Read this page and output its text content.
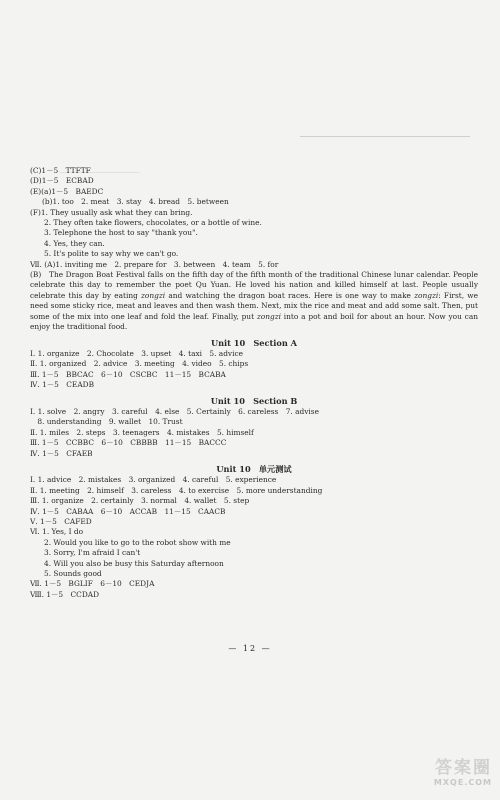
(C)1－5　TTFTF
(D)1－5　ECBAD
(E)(a)1－5　BAEDC
(b)1. too　2. meat　3. stay　4. bread　5. between
(F)1. They usually ask what they can bring.
2. They often take flowers, chocolates, or a bottle of wine.
3. Telephone the host to say "thank you".
4. Yes, they can.
5. It's polite to say why we can't go.
Ⅶ. (A)1. inviting me　2. prepare for　3. between　4. team　5. for
(B)　The Dragon Boat Festival falls on the fifth day of the fifth month of the traditional Chinese lunar calendar. People celebrate this day to remember the poet Qu Yuan. He loved his nation and killed himself at last. People usually celebrate this day by eating zongzi and watching the dragon boat races. Here is one way to make zongzi: First, we need some sticky rice, meat and leaves and then wash them. Next, mix the rice and meat and add some salt. Then, put some of the mix into one leaf and fold the leaf. Finally, put zongzi into a pot and boil for about an hour. Now you can enjoy the traditional food.
Unit 10　Section A
Ⅰ. 1. organize　2. Chocolate　3. upset　4. taxi　5. advice
Ⅱ. 1. organized　2. advice　3. meeting　4. video　5. chips
Ⅲ. 1－5　BBCAC　6－10　CSCBC　11－15　BCABA
Ⅳ. 1－5　CEADB
Unit 10　Section B
Ⅰ. 1. solve　2. angry　3. careful　4. else　5. Certainly　6. careless　7. advise
　8. understanding　9. wallet　10. Trust
Ⅱ. 1. miles　2. steps　3. teenagers　4. mistakes　5. himself
Ⅲ. 1－5　CCBBC　6－10　CBBBB　11－15　BACCC
Ⅳ. 1－5　CFAEB
Unit 10　单元测试
Ⅰ. 1. advice　2. mistakes　3. organized　4. careful　5. experience
Ⅱ. 1. meeting　2. himself　3. careless　4. to exercise　5. more understanding
Ⅲ. 1. organize　2. certainly　3. normal　4. wallet　5. step
Ⅳ. 1－5　CABAA　6－10　ACCAB　11－15　CAACB
Ⅴ. 1－5　CAFED
Ⅵ. 1. Yes, I do
2. Would you like to go to the robot show with me
3. Sorry, I'm afraid I can't
4. Will you also be busy this Saturday afternoon
5. Sounds good
Ⅶ. 1－5　BGLIF　6－10　CEDJA
Ⅷ. 1－5　CCDAD
— 12 —
答案圈
MXQE.COM
